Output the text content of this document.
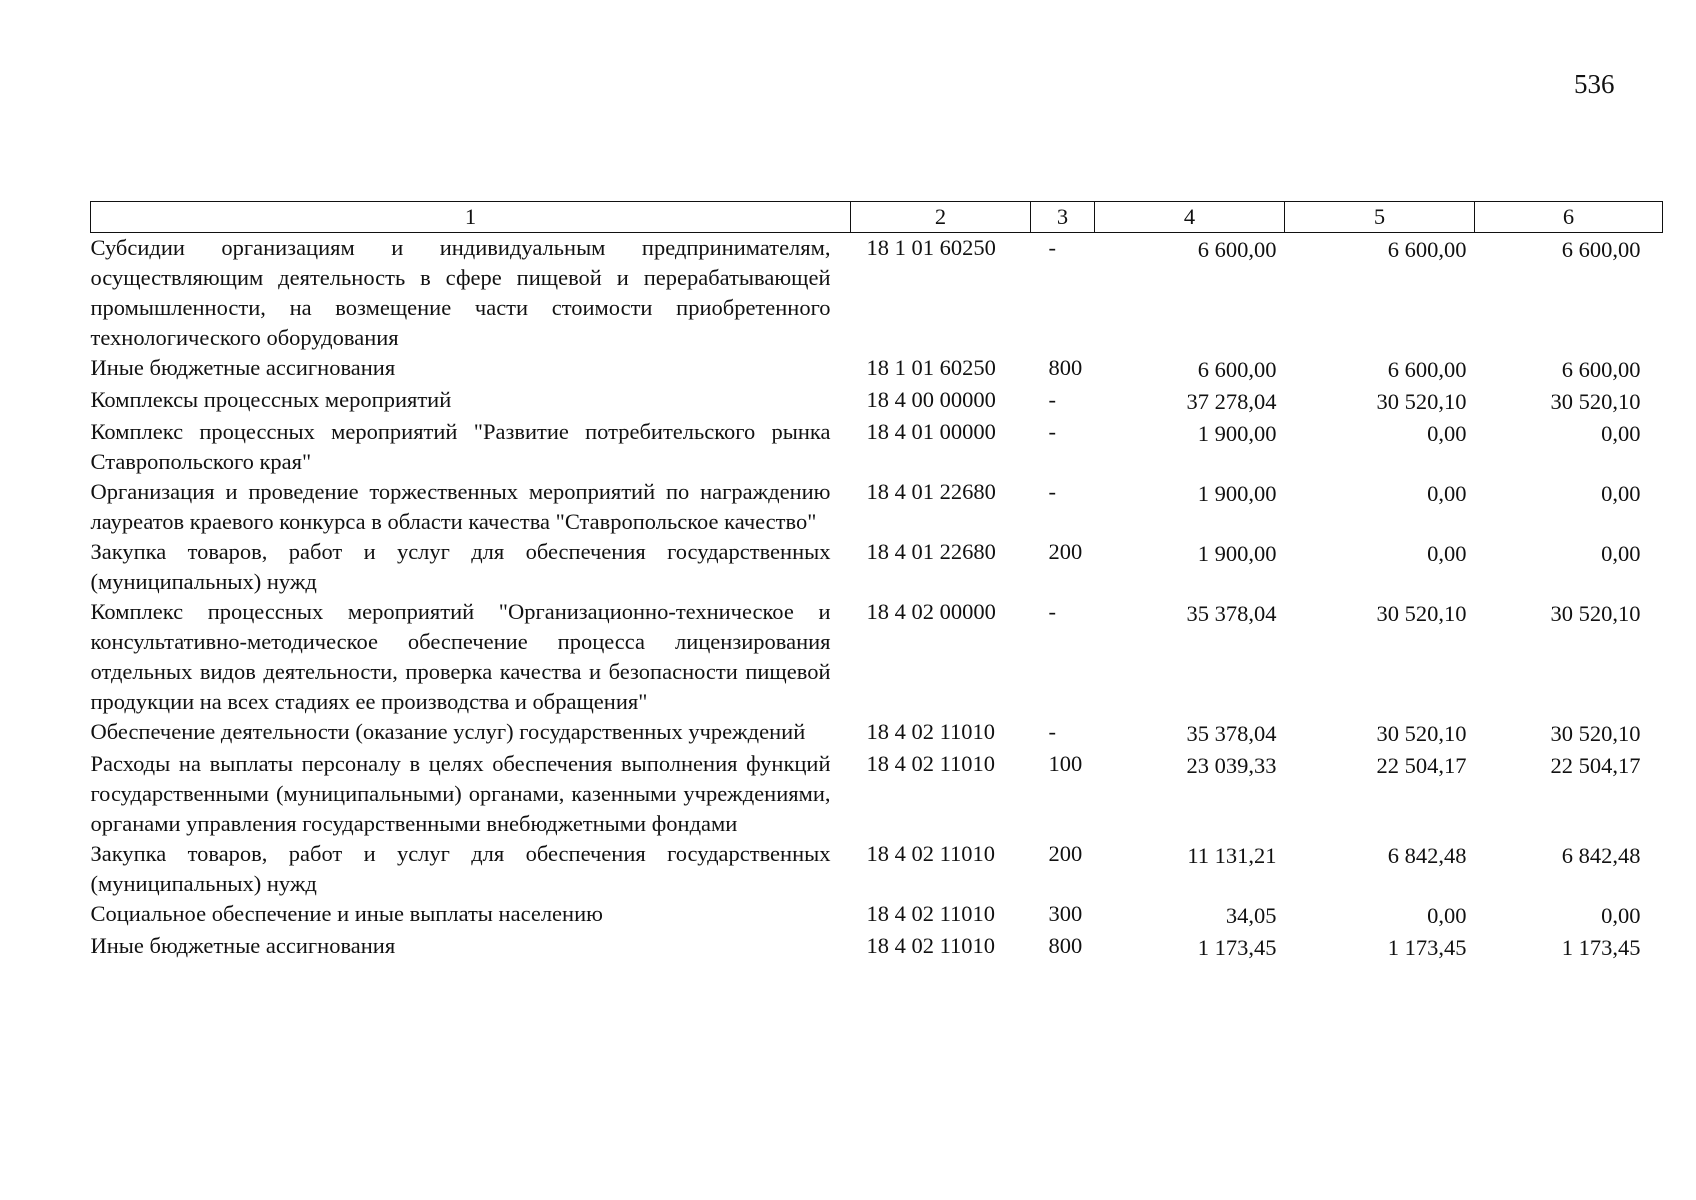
536
1	2	3	4	5	6
Субсидии организациям и индивидуальным предпринимателям, осуществляющим деятельность в сфере пищевой и перерабатывающей промышленности, на возмещение части стоимости приобретенного технологического оборудования	18 1 01 60250	-	6 600,00	6 600,00	6 600,00
Иные бюджетные ассигнования	18 1 01 60250	800	6 600,00	6 600,00	6 600,00
Комплексы процессных мероприятий	18 4 00 00000	-	37 278,04	30 520,10	30 520,10
Комплекс процессных мероприятий "Развитие потребительского рынка Ставропольского края"	18 4 01 00000	-	1 900,00	0,00	0,00
Организация и проведение торжественных мероприятий по награждению лауреатов краевого конкурса в области качества "Ставропольское качество"	18 4 01 22680	-	1 900,00	0,00	0,00
Закупка товаров, работ и услуг для обеспечения государственных (муниципальных) нужд	18 4 01 22680	200	1 900,00	0,00	0,00
Комплекс процессных мероприятий "Организационно-техническое и консультативно-методическое обеспечение процесса лицензирования отдельных видов деятельности, проверка качества и безопасности пищевой продукции на всех стадиях ее производства и обращения"	18 4 02 00000	-	35 378,04	30 520,10	30 520,10
Обеспечение деятельности (оказание услуг) государственных учреждений	18 4 02 11010	-	35 378,04	30 520,10	30 520,10
Расходы на выплаты персоналу в целях обеспечения выполнения функций государственными (муниципальными) органами, казенными учреждениями, органами управления государственными внебюджетными фондами	18 4 02 11010	100	23 039,33	22 504,17	22 504,17
Закупка товаров, работ и услуг для обеспечения государственных (муниципальных) нужд	18 4 02 11010	200	11 131,21	6 842,48	6 842,48
Социальное обеспечение и иные выплаты населению	18 4 02 11010	300	34,05	0,00	0,00
Иные бюджетные ассигнования	18 4 02 11010	800	1 173,45	1 173,45	1 173,45
